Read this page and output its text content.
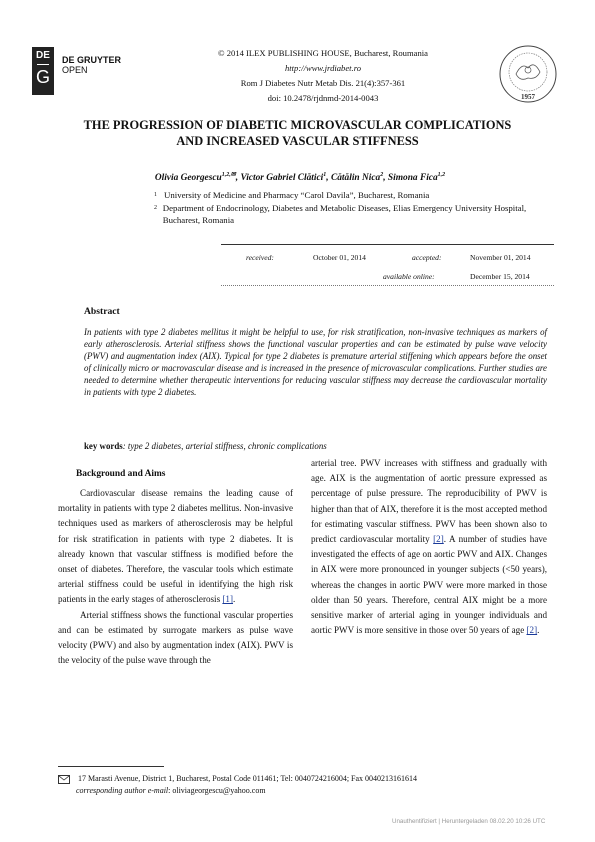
DE
G
DE GRUYTER
OPEN
© 2014 ILEX PUBLISHING HOUSE, Bucharest, Roumania
http://www.jrdiabet.ro
Rom J Diabetes Nutr Metab Dis. 21(4):357-361
doi: 10.2478/rjdnmd-2014-0043	1957
THE PROGRESSION OF DIABETIC MICROVASCULAR COMPLICATIONS
AND INCREASED VASCULAR STIFFNESS
Olivia Georgescu$^{1,2,✉}$, Victor Gabriel Clătici$^1$, Cătălin Nica$^2$, Simona Fica$^{1,2}$
1 University of Medicine and Pharmacy “Carol Davila”, Bucharest, Romania
2 Department of Endocrinology, Diabetes and Metabolic Diseases, Elias Emergency University Hospital, Bucharest, Romania
received:	October 01, 2014	accepted:	November 01, 2014
available online:	December 15, 2014
Abstract
In patients with type 2 diabetes mellitus it might be helpful to use, for risk stratification, non-invasive techniques as markers of early atherosclerosis. Arterial stiffness shows the functional vascular properties and can be estimated by pulse wave velocity (PWV) and augmentation index (AIX). Typical for type 2 diabetes is premature arterial stiffening which appears before the onset of clinically micro or macrovascular disease and is increased in the presence of microvascular complications. Further studies are needed to determine whether therapeutic interventions for reducing vascular stiffness may decrease the cardiovascular mortality in patients with type 2 diabetes.
key words: type 2 diabetes, arterial stiffness, chronic complications
Background and Aims

Cardiovascular disease remains the leading cause of mortality in patients with type 2 diabetes mellitus. Non-invasive techniques used as markers of atherosclerosis may be helpful for risk stratification in patients with type 2 diabetes. It is already known that vascular stiffness is modified before the onset of diabetes. Therefore, the vascular tools which estimate arterial stiffness could be useful in identifying the high risk patients in the early stages of atherosclerosis [1].

Arterial stiffness shows the functional vascular properties and can be estimated by surrogate markers as pulse wave velocity (PWV) and also by augmentation index (AIX). PWV is the velocity of the pulse wave through the

arterial tree. PWV increases with stiffness and gradually with age. AIX is the augmentation of aortic pressure expressed as percentage of pulse pressure. The reproducibility of PWV is higher than that of AIX, therefore it is the most accepted method for estimating vascular stiffness. PWV has been shown also to predict cardiovascular mortality [2]. A number of studies have investigated the effects of age on aortic PWV and AIX. Changes in AIX were more pronounced in younger subjects (<50 years), whereas the changes in aortic PWV were more marked in those older than 50 years. Therefore, central AIX might be a more sensitive marker of arterial aging in younger individuals and aortic PWV is more sensitive in those over 50 years of age [2].

17 Marasti Avenue, District 1, Bucharest, Postal Code 011461; Tel: 0040724216004; Fax 0040213161614
corresponding author e-mail: oliviageorgescu@yahoo.com
Unauthentifiziert | Heruntergeladen 08.02.20 10:26 UTC
